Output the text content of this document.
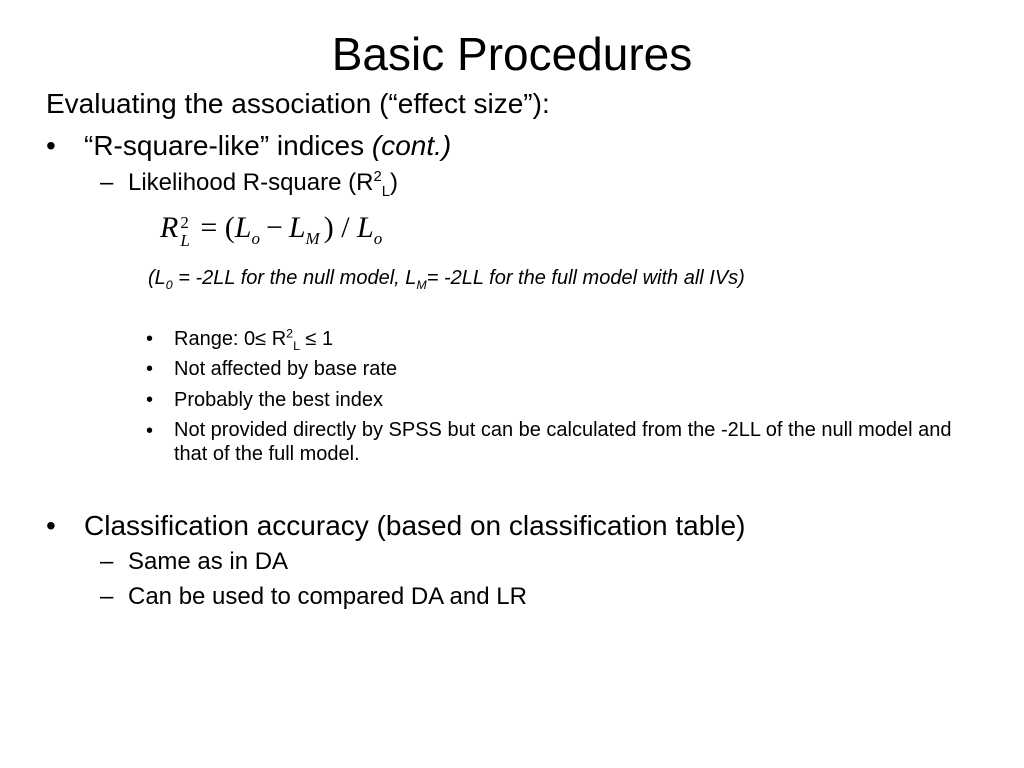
Basic Procedures
Evaluating the association (“effect size”):
• “R-square-like” indices (cont.)
– Likelihood R-square $(R^2_L)$
R 2
$L = (L_o - L_M$ ) / $L_o$
($L_0 = -2LL$ for the null model, $L_M= -2LL$ for the full model with all IVs)
• Range: $0\le R^2_L \le 1$
• Not affected by base rate
• Probably the best index
• Not provided directly by SPSS but can be calculated from the -2LL of the null model and that of the full model.
• Classification accuracy (based on classification table)
– Same as in DA
– Can be used to compared DA and LR
